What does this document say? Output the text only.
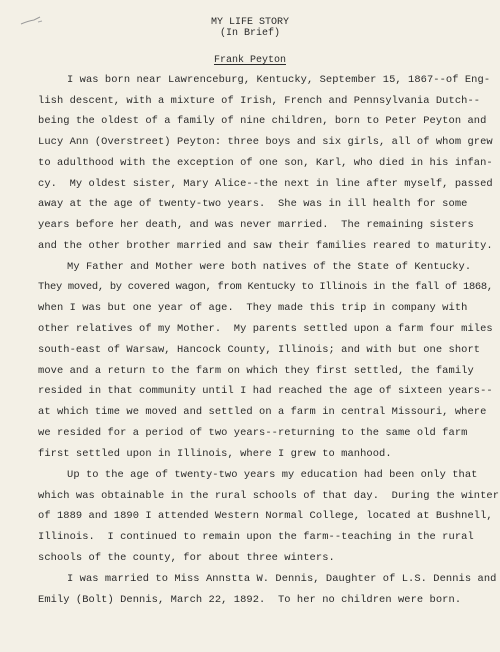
MY LIFE STORY
(In Brief)
Frank Peyton
I was born near Lawrenceburg, Kentucky, September 15, 1867--of Eng-
lish descent, with a mixture of Irish, French and Pennsylvania Dutch--
being the oldest of a family of nine children, born to Peter Peyton and
Lucy Ann (Overstreet) Peyton: three boys and six girls, all of whom grew
to adulthood with the exception of one son, Karl, who died in his infan-
cy.  My oldest sister, Mary Alice--the next in line after myself, passed
away at the age of twenty-two years.  She was in ill health for some
years before her death, and was never married.  The remaining sisters
and the other brother married and saw their families reared to maturity.
My Father and Mother were both natives of the State of Kentucky.
They moved, by covered wagon, from Kentucky to Illinois in the fall of 1868,
when I was but one year of age.  They made this trip in company with
other relatives of my Mother.  My parents settled upon a farm four miles
south-east of Warsaw, Hancock County, Illinois; and with but one short
move and a return to the farm on which they first settled, the family
resided in that community until I had reached the age of sixteen years--
at which time we moved and settled on a farm in central Missouri, where
we resided for a period of two years--returning to the same old farm
first settled upon in Illinois, where I grew to manhood.
Up to the age of twenty-two years my education had been only that
which was obtainable in the rural schools of that day.  During the winter
of 1889 and 1890 I attended Western Normal College, located at Bushnell,
Illinois.  I continued to remain upon the farm--teaching in the rural
schools of the county, for about three winters.
I was married to Miss Annstta W. Dennis, Daughter of L.S. Dennis and
Emily (Bolt) Dennis, March 22, 1892.  To her no children were born.
